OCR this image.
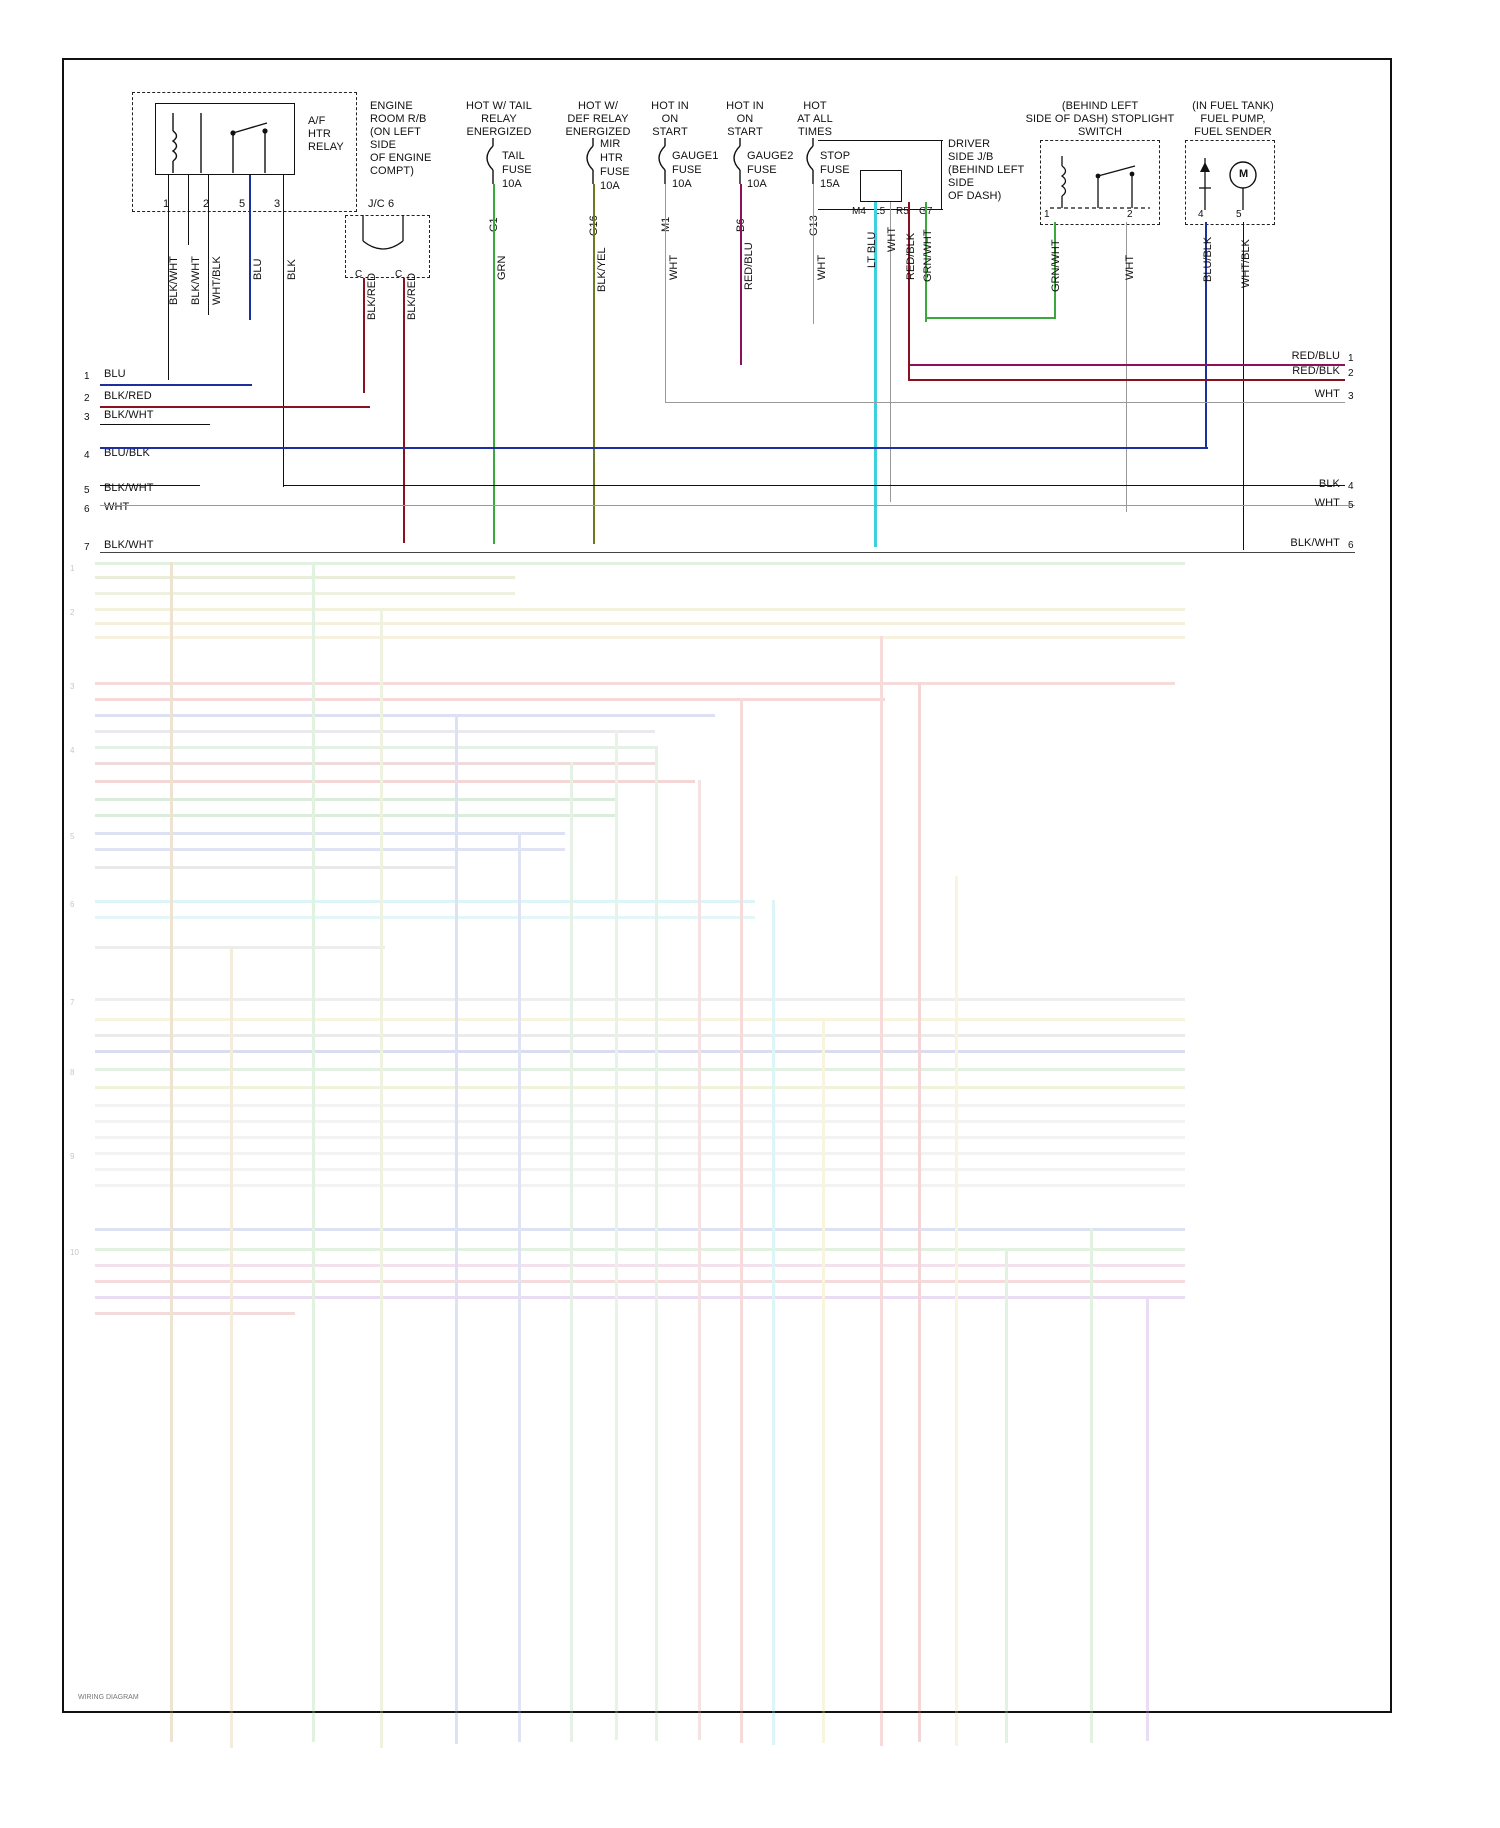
1
2
3
4
5
6
7
8
9
10
A/F
HTR
RELAY
ENGINE
ROOM R/B
(ON LEFT
SIDE
OF ENGINE
COMPT)
1	2	5	3
BLK/WHT BLK/WHT WHT/BLK	BLU BLK
J/C 6
C	C
BLK/RED	BLK/RED
HOT W/ TAIL
RELAY
ENERGIZED
HOT W/
DEF RELAY
ENERGIZED
HOT IN
ON
START
HOT IN
ON
START
HOT
AT ALL
TIMES
TAIL
FUSE
10A
G1
GRN
MIR
HTR
FUSE
10A
G16
BLK/YEL
GAUGE1
FUSE
10A
M1
WHT
GAUGE2
FUSE
10A
B6
RED/BLU
STOP
FUSE
15A
G13
WHT
DRIVER
SIDE J/B
(BEHIND LEFT
SIDE
OF DASH)
M4 L5 R5 G7
LT BLU WHT RED/BLK GRN/WHT
(BEHIND LEFT
SIDE OF DASH) STOPLIGHT
SWITCH
1	2
GRN/WHT	WHT
(IN FUEL TANK)
FUEL PUMP,
FUEL SENDER
M
4	5
BLU/BLK WHT/BLK
1 BLU
2 BLK/RED
3 BLK/WHT
4 BLU/BLK
5 BLK/WHT
6 WHT
7 BLK/WHT
RED/BLU 1
RED/BLK 2
WHT 3
BLK 4
WHT 5
BLK/WHT 6
WIRING DIAGRAM
